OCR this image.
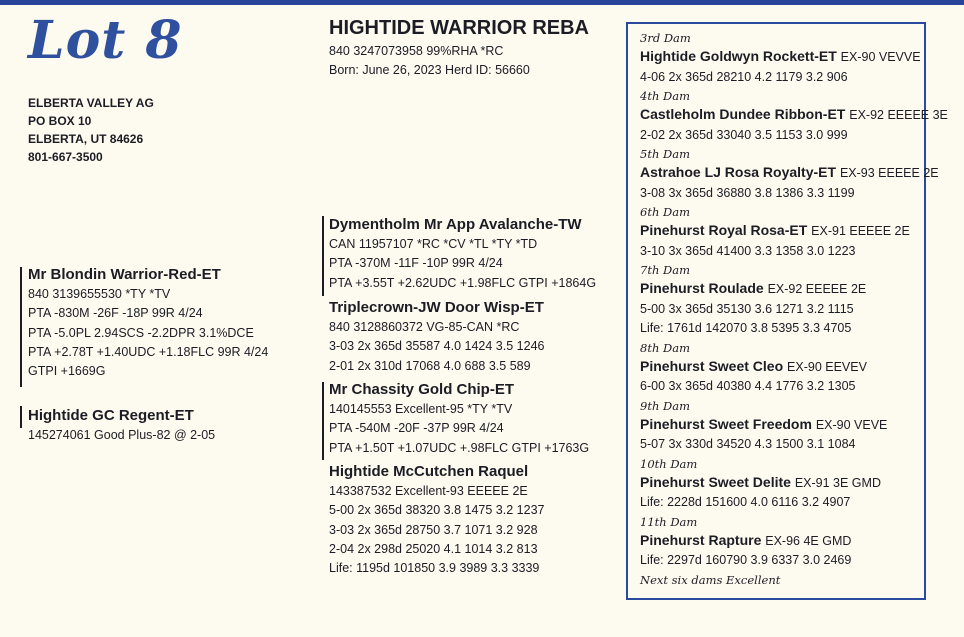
Lot 8
ELBERTA VALLEY AG
PO BOX 10
ELBERTA, UT 84626
801-667-3500
HIGHTIDE WARRIOR REBA
840 3247073958 99%RHA *RC
Born: June 26, 2023 Herd ID: 56660
Mr Blondin Warrior-Red-ET
840 3139655530 *TY *TV
PTA -830M -26F -18P 99R 4/24
PTA -5.0PL 2.94SCS -2.2DPR 3.1%DCE
PTA +2.78T +1.40UDC +1.18FLC 99R 4/24
GTPI +1669G
Hightide GC Regent-ET
145274061 Good Plus-82 @ 2-05
Dymentholm Mr App Avalanche-TW
CAN 11957107 *RC *CV *TL *TY *TD
PTA -370M -11F -10P 99R 4/24
PTA +3.55T +2.62UDC +1.98FLC GTPI +1864G
Triplecrown-JW Door Wisp-ET
840 3128860372 VG-85-CAN *RC
3-03 2x 365d 35587 4.0 1424 3.5 1246
2-01 2x 310d 17068 4.0 688 3.5 589
Mr Chassity Gold Chip-ET
140145553 Excellent-95 *TY *TV
PTA -540M -20F -37P 99R 4/24
PTA +1.50T +1.07UDC +.98FLC GTPI +1763G
Hightide McCutchen Raquel
143387532 Excellent-93 EEEEE 2E
5-00 2x 365d 38320 3.8 1475 3.2 1237
3-03 2x 365d 28750 3.7 1071 3.2 928
2-04 2x 298d 25020 4.1 1014 3.2 813
Life: 1195d 101850 3.9 3989 3.3 3339
3rd Dam
Hightide Goldwyn Rockett-ET EX-90 VEVVE
4-06 2x 365d 28210 4.2 1179 3.2 906
4th Dam
Castleholm Dundee Ribbon-ET EX-92 EEEEE 3E
2-02 2x 365d 33040 3.5 1153 3.0 999
5th Dam
Astrahoe LJ Rosa Royalty-ET EX-93 EEEEE 2E
3-08 3x 365d 36880 3.8 1386 3.3 1199
6th Dam
Pinehurst Royal Rosa-ET EX-91 EEEEE 2E
3-10 3x 365d 41400 3.3 1358 3.0 1223
7th Dam
Pinehurst Roulade EX-92 EEEEE 2E
5-00 3x 365d 35130 3.6 1271 3.2 1115
Life: 1761d 142070 3.8 5395 3.3 4705
8th Dam
Pinehurst Sweet Cleo EX-90 EEVEV
6-00 3x 365d 40380 4.4 1776 3.2 1305
9th Dam
Pinehurst Sweet Freedom EX-90 VEVE
5-07 3x 330d 34520 4.3 1500 3.1 1084
10th Dam
Pinehurst Sweet Delite EX-91 3E GMD
Life: 2228d 151600 4.0 6116 3.2 4907
11th Dam
Pinehurst Rapture EX-96 4E GMD
Life: 2297d 160790 3.9 6337 3.0 2469
Next six dams Excellent
